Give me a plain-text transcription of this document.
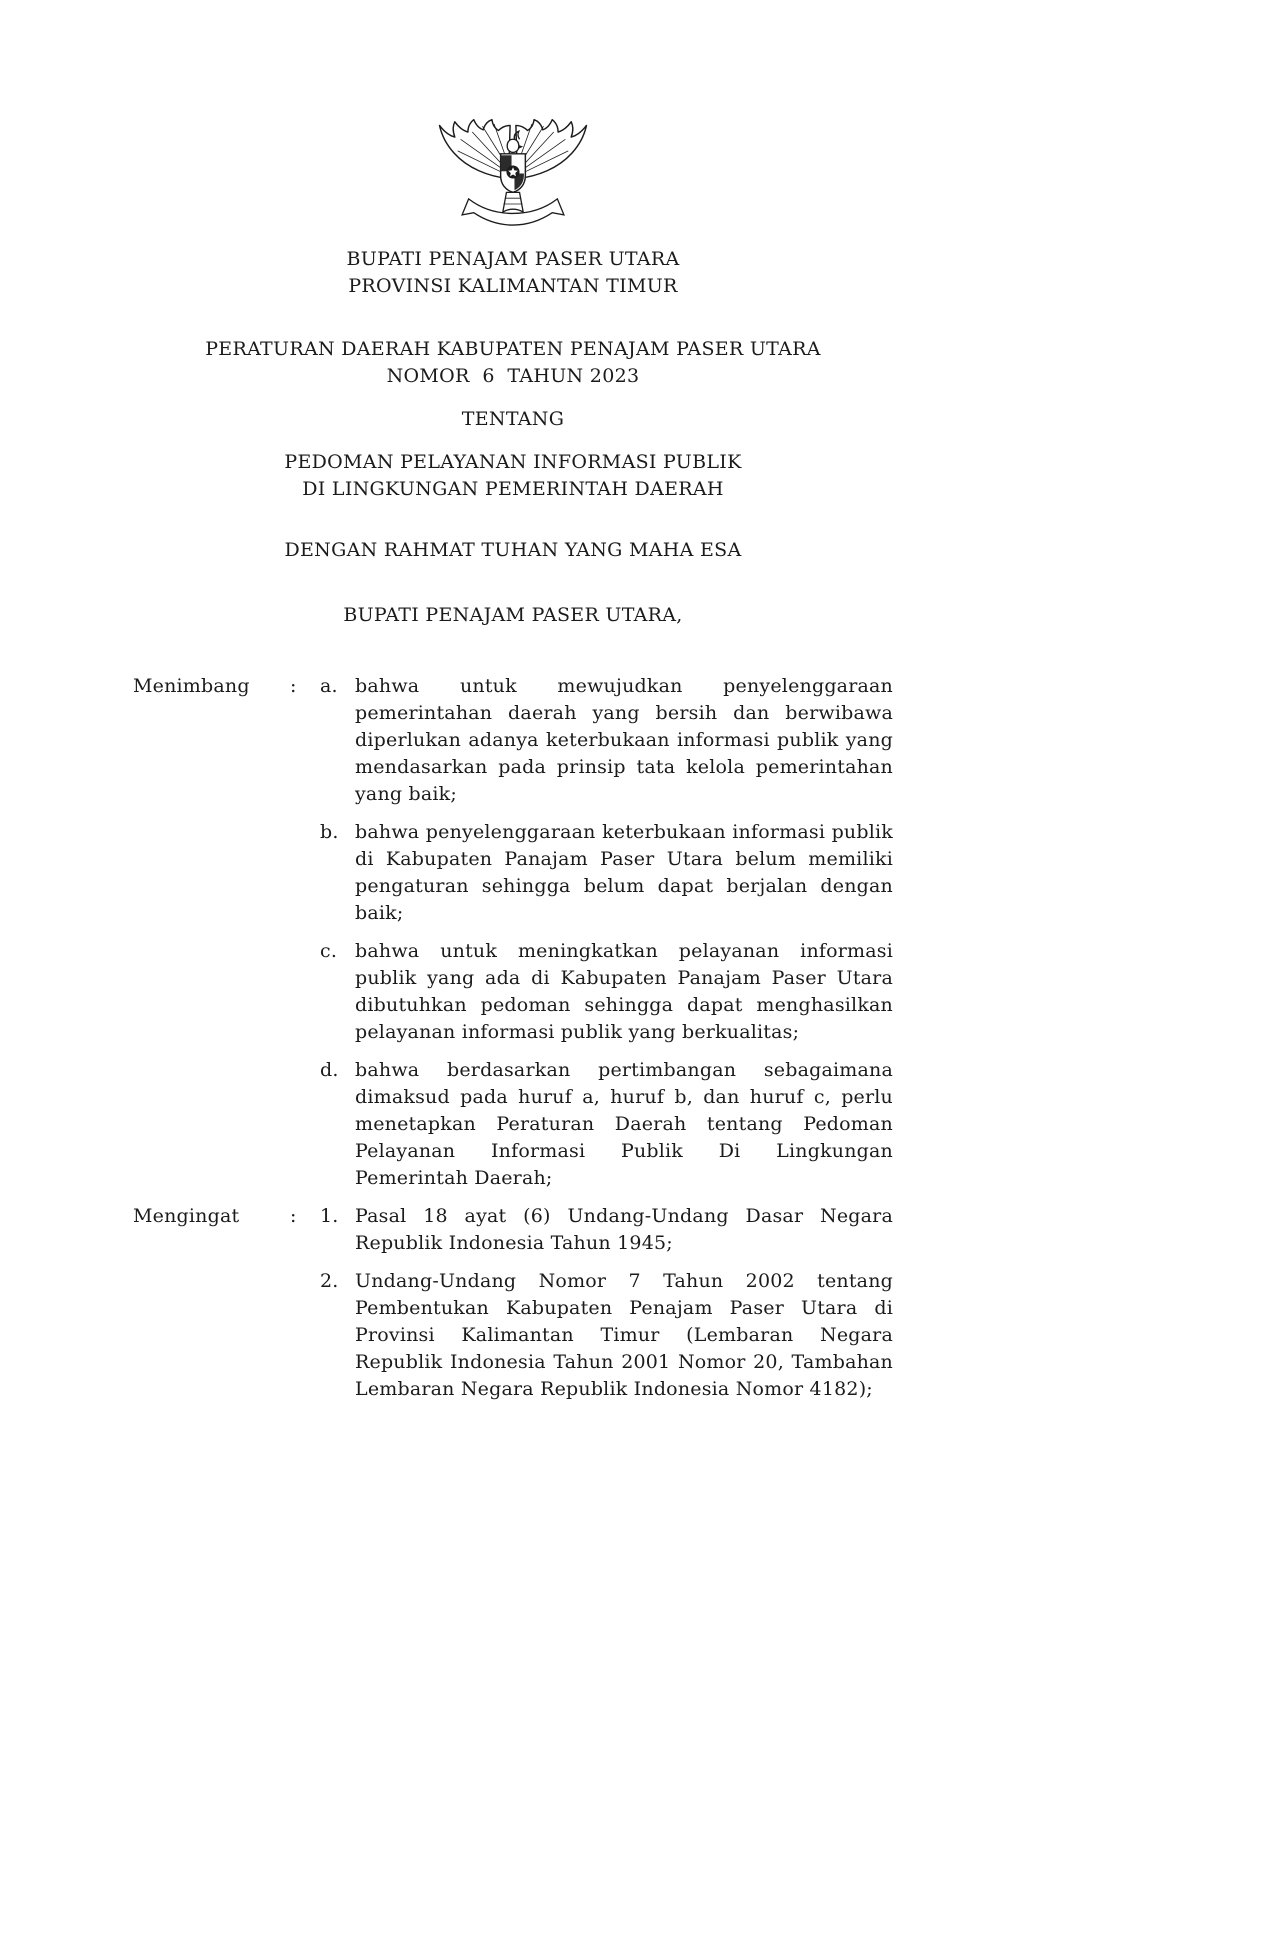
BUPATI PENAJAM PASER UTARA
PROVINSI KALIMANTAN TIMUR
PERATURAN DAERAH KABUPATEN PENAJAM PASER UTARA
NOMOR  6  TAHUN 2023
TENTANG
PEDOMAN PELAYANAN INFORMASI PUBLIK
DI LINGKUNGAN PEMERINTAH DAERAH
DENGAN RAHMAT TUHAN YANG MAHA ESA
BUPATI PENAJAM PASER UTARA,
Menimbang	:	a. bahwa untuk mewujudkan penyelenggaraan pemerintahan daerah yang bersih dan berwibawa diperlukan adanya keterbukaan informasi publik yang mendasarkan pada prinsip tata kelola pemerintahan yang baik;
b. bahwa penyelenggaraan keterbukaan informasi publik di Kabupaten Panajam Paser Utara belum memiliki pengaturan sehingga belum dapat berjalan dengan baik;
c. bahwa untuk meningkatkan pelayanan informasi publik yang ada di Kabupaten Panajam Paser Utara dibutuhkan pedoman sehingga dapat menghasilkan pelayanan informasi publik yang berkualitas;
d. bahwa berdasarkan pertimbangan sebagaimana dimaksud pada huruf a, huruf b, dan huruf c, perlu menetapkan Peraturan Daerah tentang Pedoman Pelayanan Informasi Publik Di Lingkungan Pemerintah Daerah;
Mengingat	:	1. Pasal 18 ayat (6) Undang-Undang Dasar Negara Republik Indonesia Tahun 1945;
2. Undang-Undang Nomor 7 Tahun 2002 tentang Pembentukan Kabupaten Penajam Paser Utara di Provinsi Kalimantan Timur (Lembaran Negara Republik Indonesia Tahun 2001 Nomor 20, Tambahan Lembaran Negara Republik Indonesia Nomor 4182);
